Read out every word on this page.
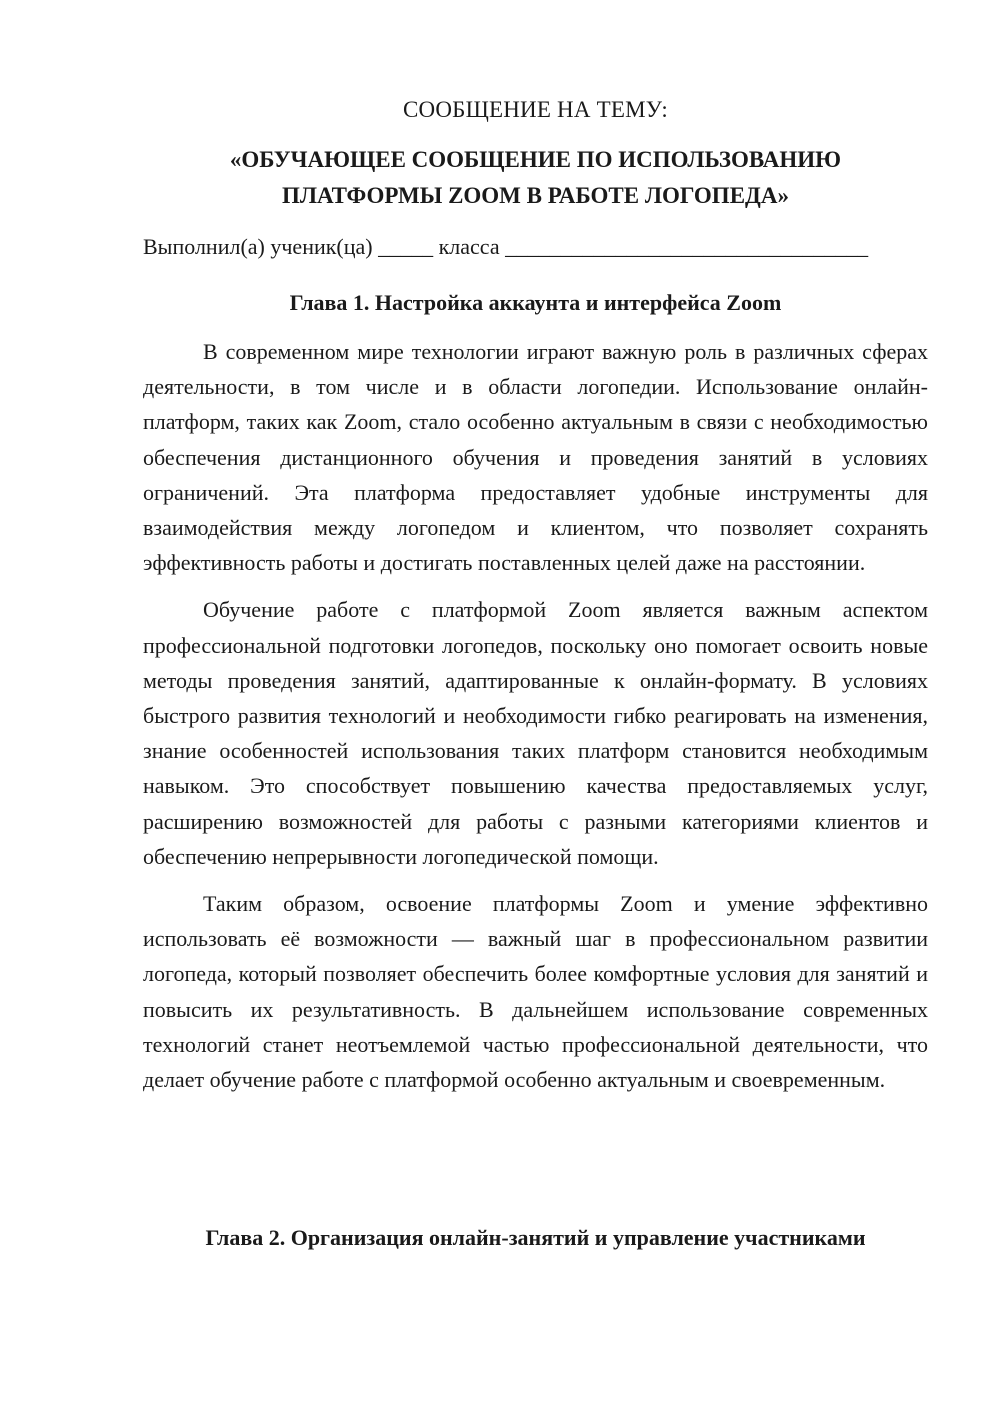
СООБЩЕНИЕ НА ТЕМУ:
«ОБУЧАЮЩЕЕ СООБЩЕНИЕ ПО ИСПОЛЬЗОВАНИЮ
ПЛАТФОРМЫ ZOOM В РАБОТЕ ЛОГОПЕДА»
Выполнил(а) ученик(ца) _____ класса _________________________________
Глава 1. Настройка аккаунта и интерфейса Zoom

В современном мире технологии играют важную роль в различных сферах деятельности, в том числе и в области логопедии. Использование онлайн-платформ, таких как Zoom, стало особенно актуальным в связи с необходимостью обеспечения дистанционного обучения и проведения занятий в условиях ограничений. Эта платформа предоставляет удобные инструменты для взаимодействия между логопедом и клиентом, что позволяет сохранять эффективность работы и достигать поставленных целей даже на расстоянии.

Обучение работе с платформой Zoom является важным аспектом профессиональной подготовки логопедов, поскольку оно помогает освоить новые методы проведения занятий, адаптированные к онлайн-формату. В условиях быстрого развития технологий и необходимости гибко реагировать на изменения, знание особенностей использования таких платформ становится необходимым навыком. Это способствует повышению качества предоставляемых услуг, расширению возможностей для работы с разными категориями клиентов и обеспечению непрерывности логопедической помощи.

Таким образом, освоение платформы Zoom и умение эффективно использовать её возможности — важный шаг в профессиональном развитии логопеда, который позволяет обеспечить более комфортные условия для занятий и повысить их результативность. В дальнейшем использование современных технологий станет неотъемлемой частью профессиональной деятельности, что делает обучение работе с платформой особенно актуальным и своевременным.

Глава 2. Организация онлайн-занятий и управление участниками
